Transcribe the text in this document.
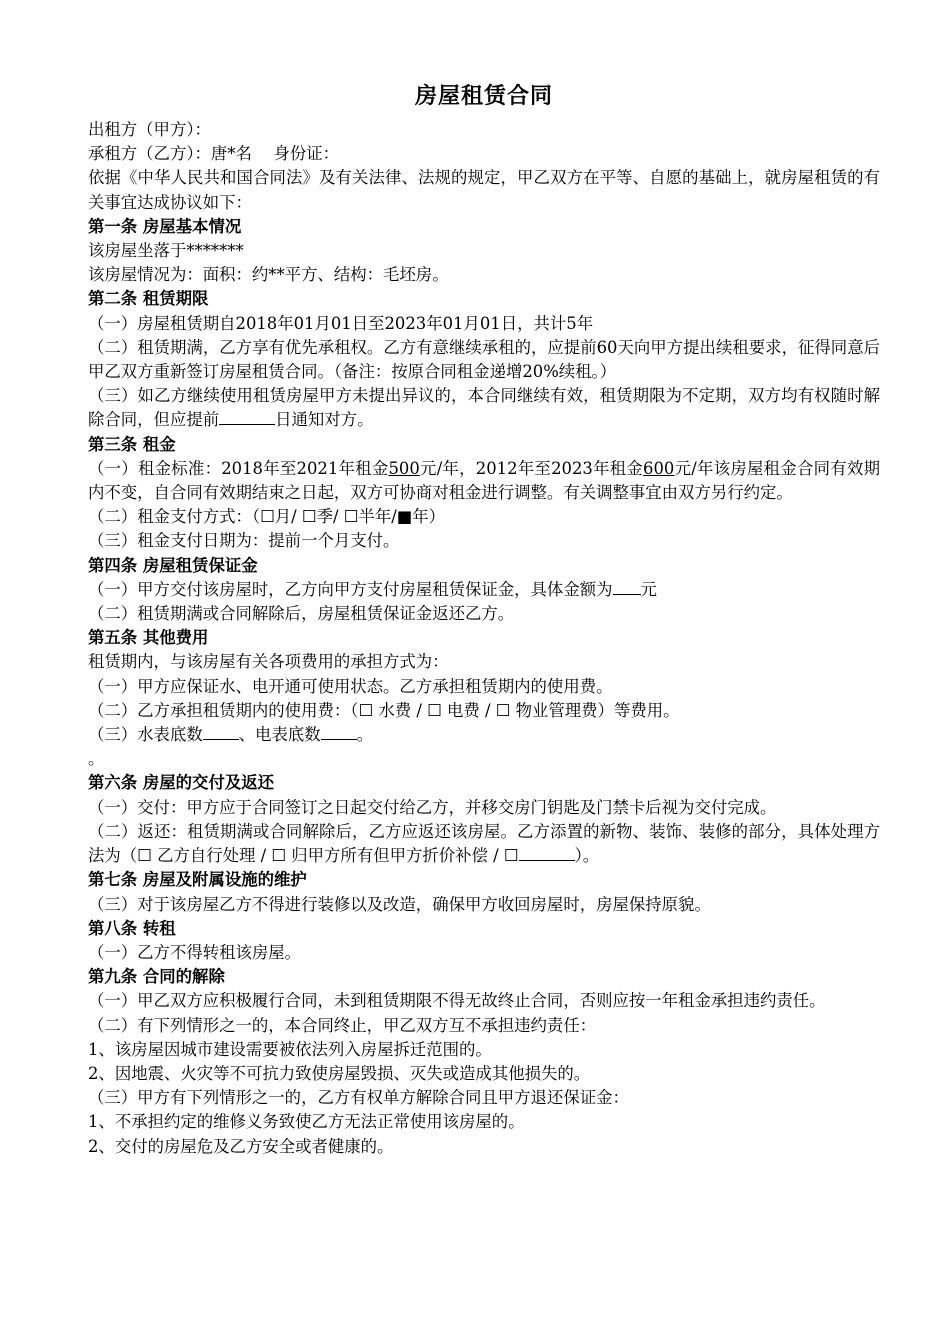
房屋租赁合同

出租方（甲方）：

承租方（乙方）：唐*名　 身份证：

依据《中华人民共和国合同法》及有关法律、法规的规定，甲乙双方在平等、自愿的基础上，就房屋租赁的有关事宜达成协议如下：

第一条 房屋基本情况

该房屋坐落于*******

该房屋情况为：面积：约**平方、结构：毛坯房。

第二条 租赁期限

（一）房屋租赁期自2018年01月01日至2023年01月01日，共计5年

（二）租赁期满，乙方享有优先承租权。乙方有意继续承租的，应提前60天向甲方提出续租要求，征得同意后甲乙双方重新签订房屋租赁合同。（备注：按原合同租金递增20%续租。）

（三）如乙方继续使用租赁房屋甲方未提出异议的，本合同继续有效，租赁期限为不定期，双方均有权随时解除合同，但应提前	日通知对方。

第三条 租金

（一）租金标准：2018年至2021年租金500元/年，2012年至2023年租金600元/年该房屋租金合同有效期内不变，自合同有效期结束之日起，双方可协商对租金进行调整。有关调整事宜由双方另行约定。

（二）租金支付方式：（☐月/ ☐季/ ☐半年/■年）

（三）租金支付日期为：提前一个月支付。

第四条 房屋租赁保证金

（一）甲方交付该房屋时，乙方向甲方支付房屋租赁保证金，具体金额为 元

（二）租赁期满或合同解除后，房屋租赁保证金返还乙方。

第五条 其他费用

租赁期内，与该房屋有关各项费用的承担方式为：

（一）甲方应保证水、电开通可使用状态。乙方承担租赁期内的使用费。

（二）乙方承担租赁期内的使用费：（☐ 水费 / ☐ 电费 / ☐ 物业管理费）等费用。

（三）水表底数 、电表底数 。

。

第六条 房屋的交付及返还

（一）交付：甲方应于合同签订之日起交付给乙方，并移交房门钥匙及门禁卡后视为交付完成。

（二）返还：租赁期满或合同解除后，乙方应返还该房屋。乙方添置的新物、装饰、装修的部分，具体处理方法为（☐ 乙方自行处理 / ☐ 归甲方所有但甲方折价补偿 / ☐	）。

第七条 房屋及附属设施的维护

（三）对于该房屋乙方不得进行装修以及改造，确保甲方收回房屋时，房屋保持原貌。

第八条 转租

（一）乙方不得转租该房屋。

第九条 合同的解除

（一）甲乙双方应积极履行合同，未到租赁期限不得无故终止合同，否则应按一年租金承担违约责任。

（二）有下列情形之一的，本合同终止，甲乙双方互不承担违约责任：

1、该房屋因城市建设需要被依法列入房屋拆迁范围的。

2、因地震、火灾等不可抗力致使房屋毁损、灭失或造成其他损失的。

（三）甲方有下列情形之一的，乙方有权单方解除合同且甲方退还保证金：

1、不承担约定的维修义务致使乙方无法正常使用该房屋的。

2、交付的房屋危及乙方安全或者健康的。
